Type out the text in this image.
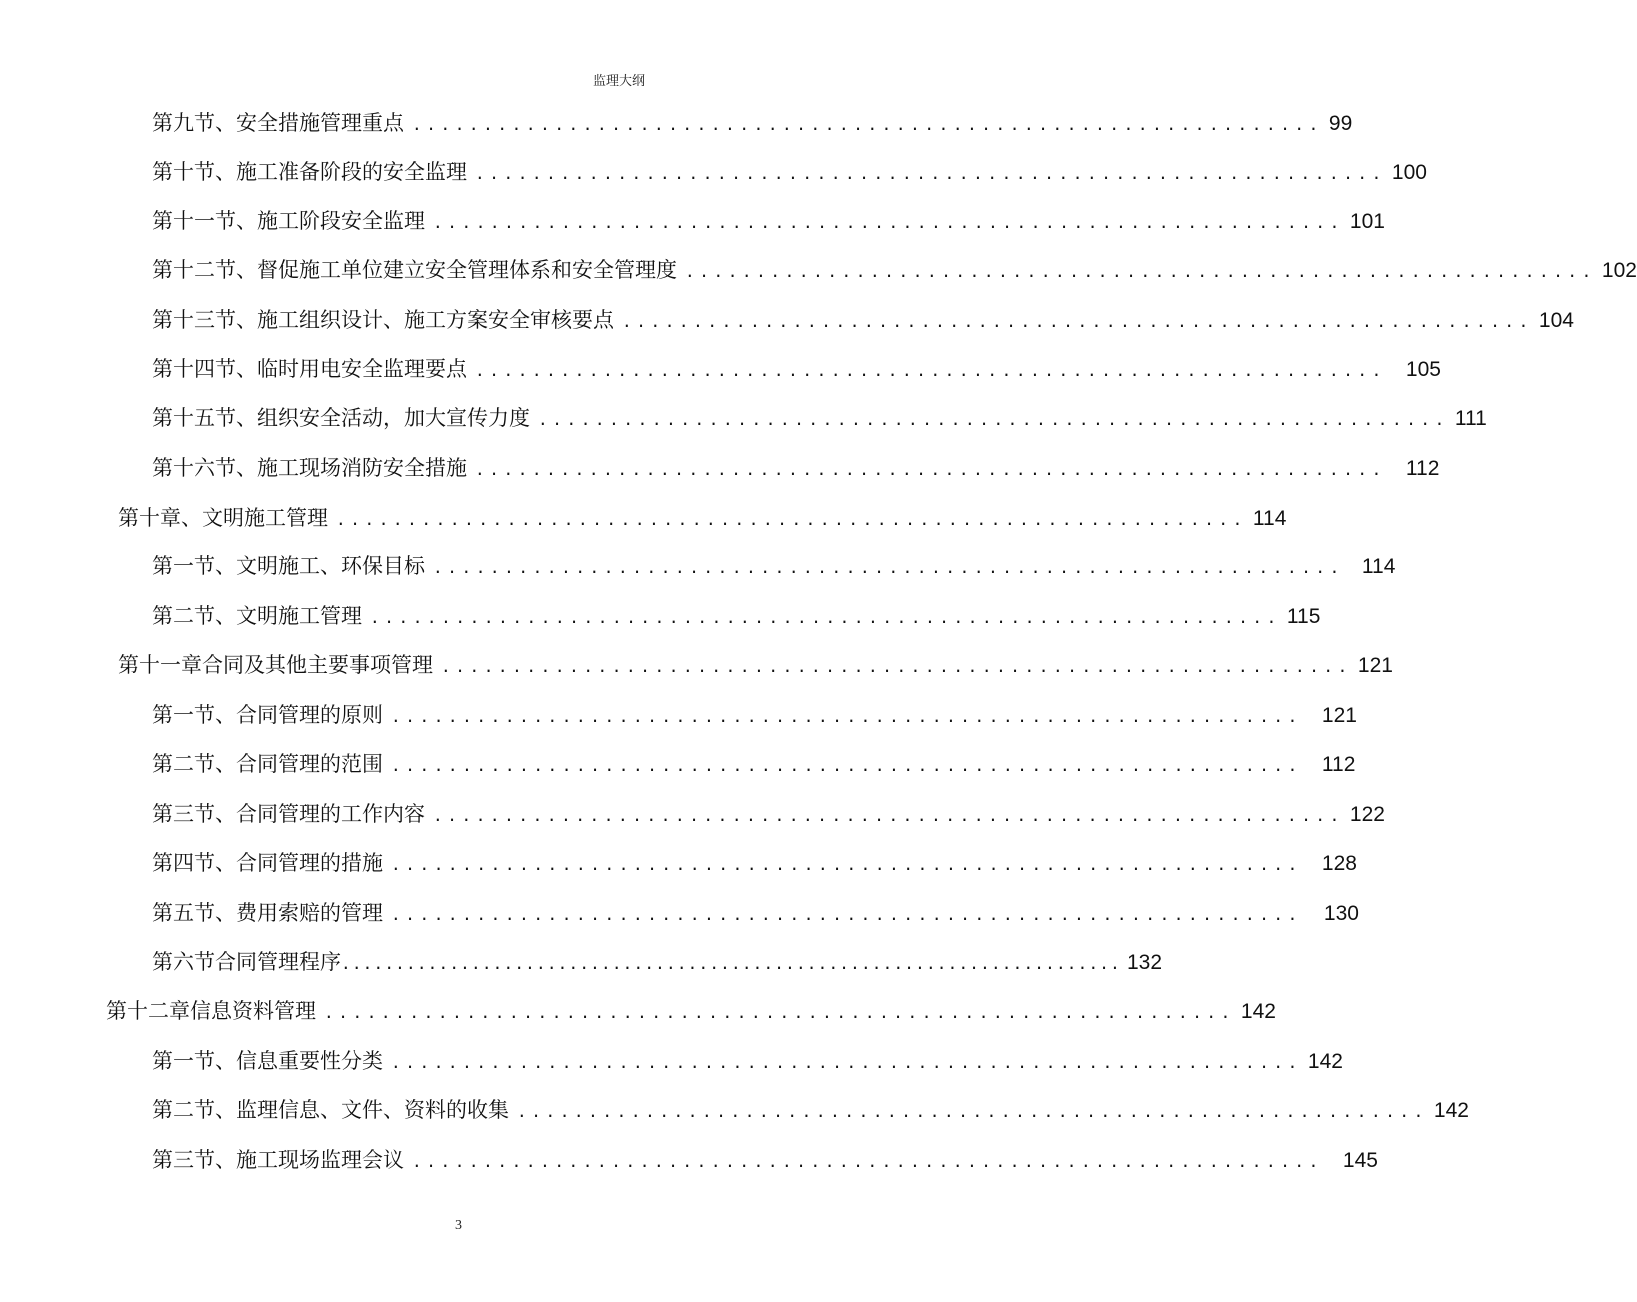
监理大纲
第九节、 安全措施管理重点 ................................................................ 99
第十节、 施工准备阶段的安全监理 ................................................................ 100
第十一节、 施工阶段安全监理 ................................................................ 101
第十二节、 督促施工单位建立安全管理体系和安全管理度 ................................................................ 102
第十三节、 施工组织设计、施工方案安全审核要点 ................................................................ 104
第十四节、 临时用电安全监理要点 ................................................................ 105
第十五节、 组织安全活动，加大宣传力度 ................................................................ 111
第十六节、 施工现场消防安全措施 ................................................................ 112
第十章、 文明施工管理 ................................................................ 114
第一节、 文明施工、环保目标 ................................................................ 114
第二节、 文明施工管理 ................................................................ 115
第十一章 合同及其他主要事项管理 ................................................................ 121
第一节、 合同管理的原则 ................................................................ 121
第二节、 合同管理的范围 ................................................................ 112
第三节、 合同管理的工作内容 ................................................................ 122
第四节、 合同管理的措施 ................................................................ 128
第五节、 费用索赔的管理 ................................................................ 130
第六节 合同管理程序 ........................................................................ 132
第十二章 信息资料管理 ................................................................ 142
第一节、 信息重要性分类 ................................................................ 142
第二节、 监理信息、文件、资料的收集 ................................................................ 142
第三节、 施工现场监理会议 ................................................................ 145
3
